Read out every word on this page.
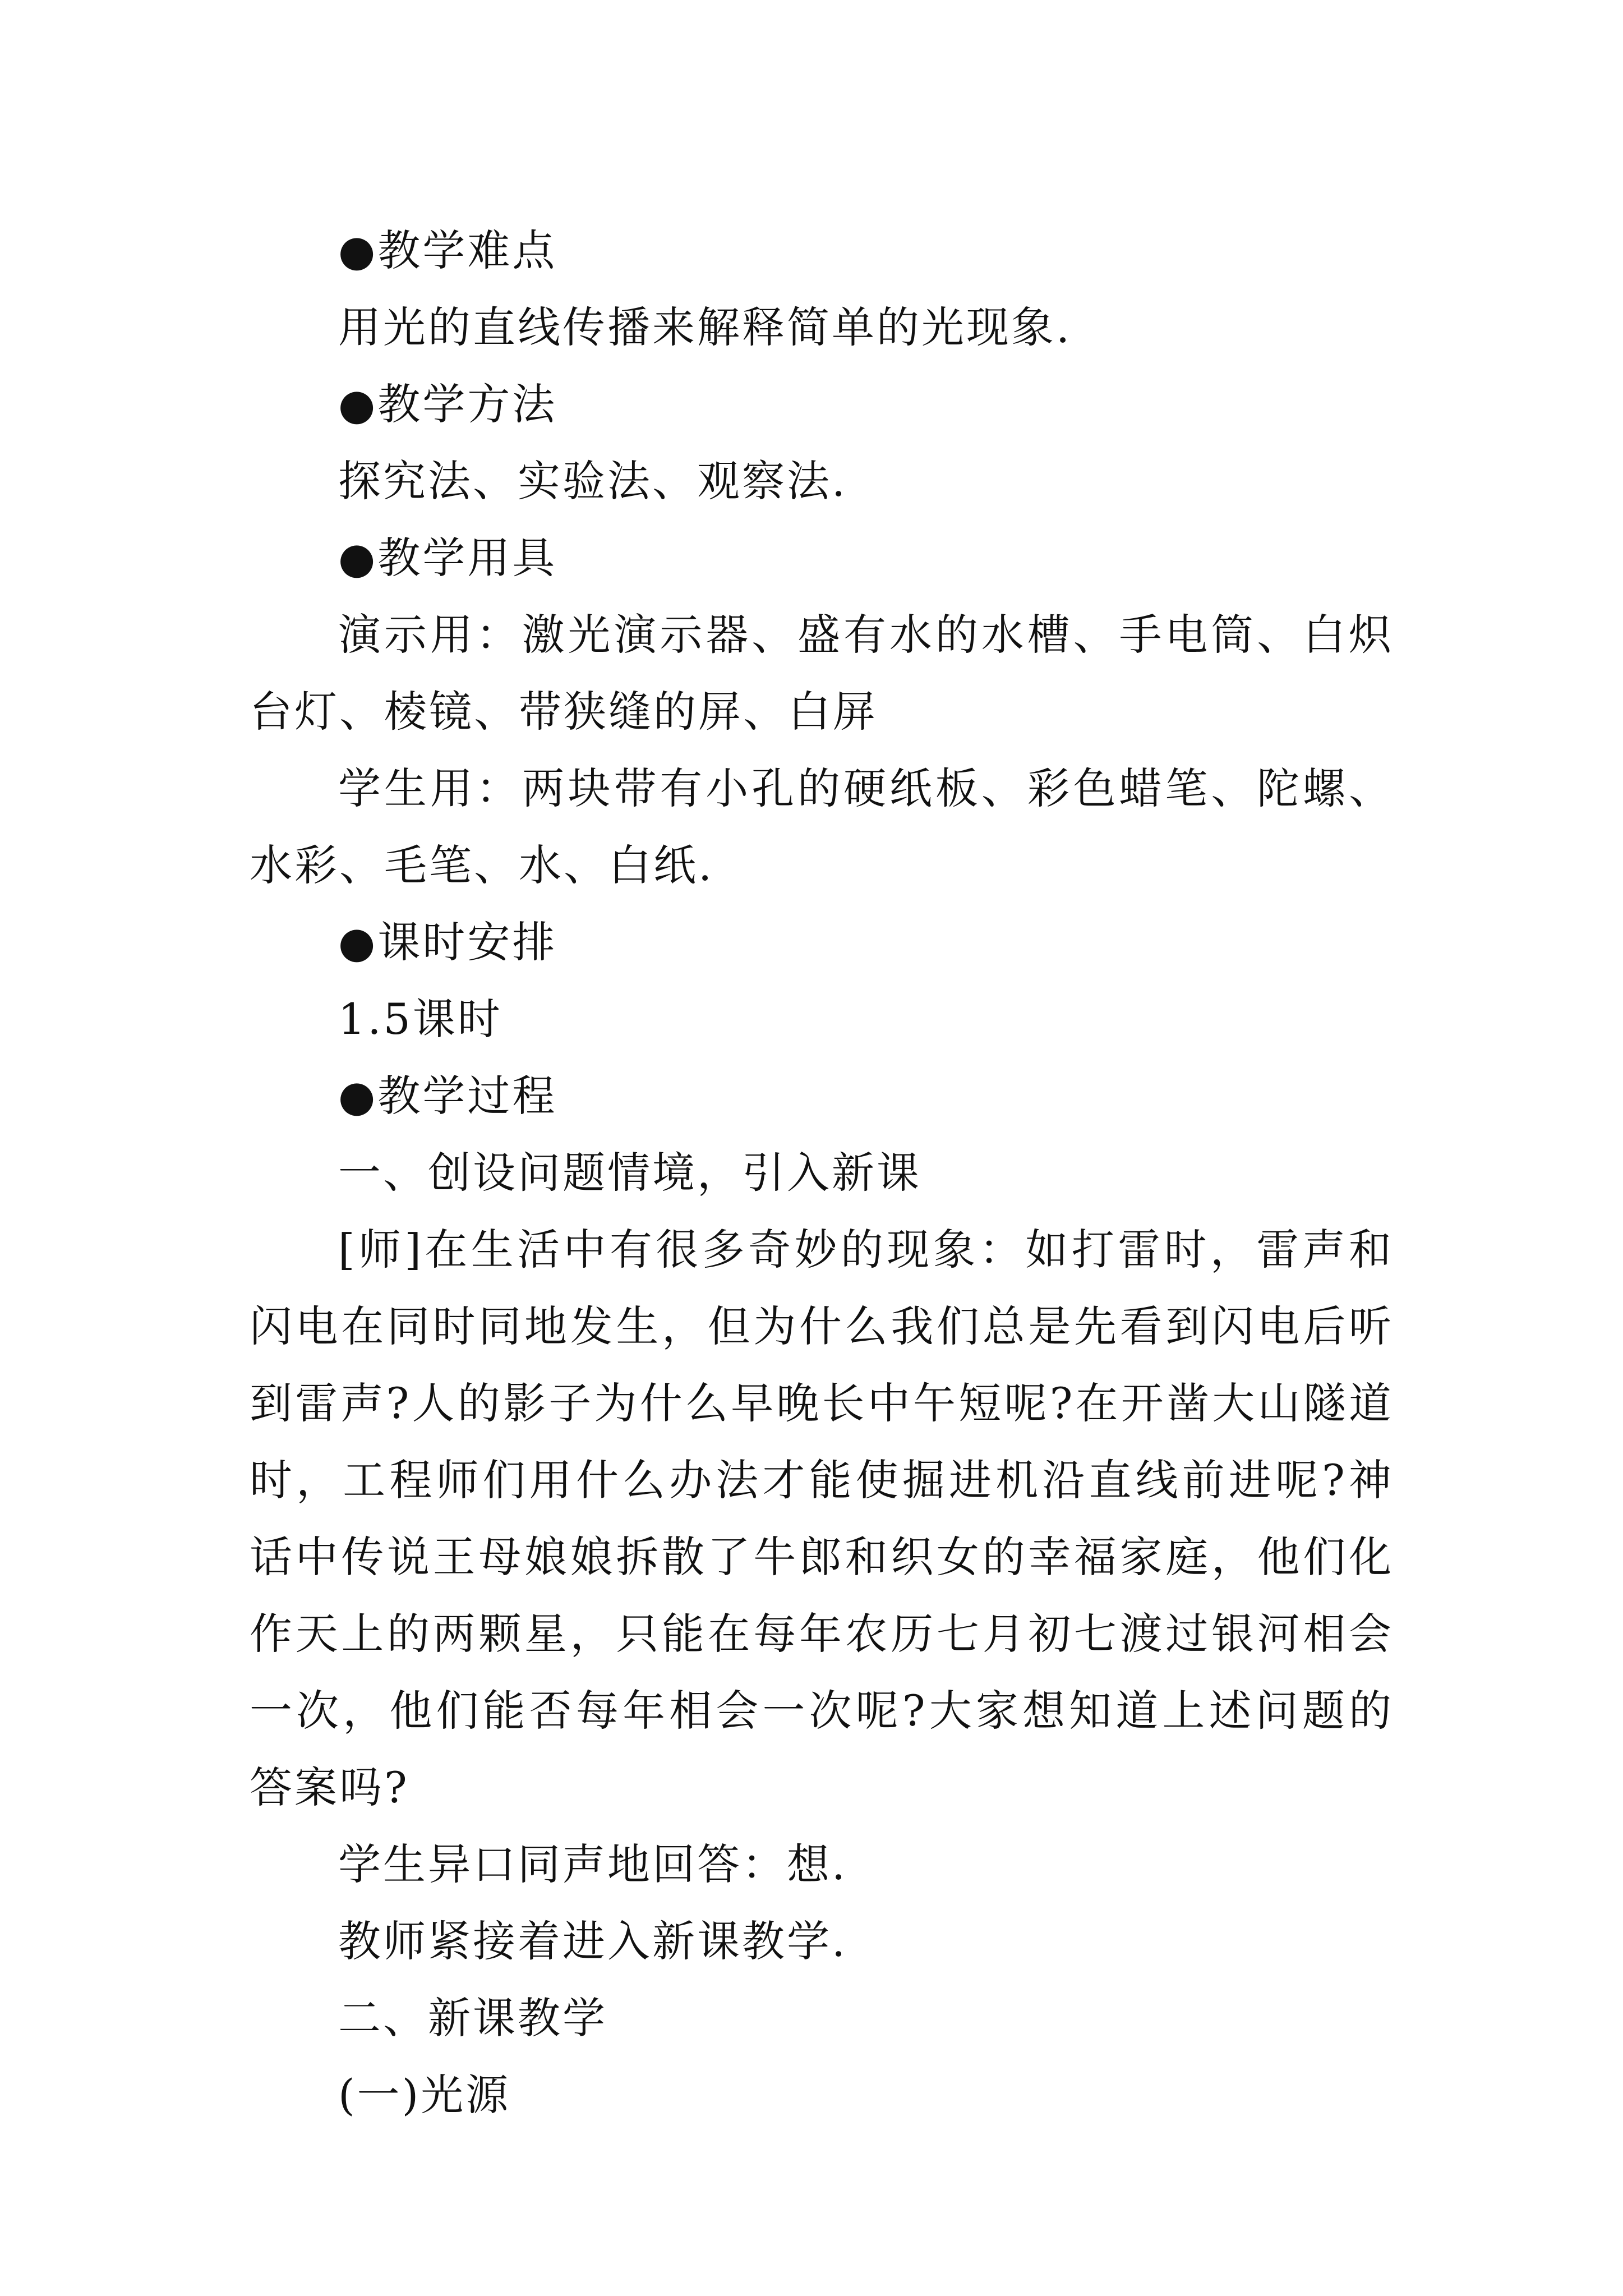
●教学难点

用光的直线传播来解释简单的光现象.

●教学方法

探究法、实验法、观察法.

●教学用具

演示用：激光演示器、盛有水的水槽、手电筒、白炽台灯、棱镜、带狭缝的屏、白屏

学生用：两块带有小孔的硬纸板、彩色蜡笔、陀螺、水彩、毛笔、水、白纸.

●课时安排

1.5课时

●教学过程

一、创设问题情境，引入新课

[师]在生活中有很多奇妙的现象：如打雷时，雷声和闪电在同时同地发生，但为什么我们总是先看到闪电后听到雷声?人的影子为什么早晚长中午短呢?在开凿大山隧道时，工程师们用什么办法才能使掘进机沿直线前进呢?神话中传说王母娘娘拆散了牛郎和织女的幸福家庭，他们化作天上的两颗星，只能在每年农历七月初七渡过银河相会一次，他们能否每年相会一次呢?大家想知道上述问题的答案吗?

学生异口同声地回答：想.

教师紧接着进入新课教学.

二、新课教学

(一)光源
